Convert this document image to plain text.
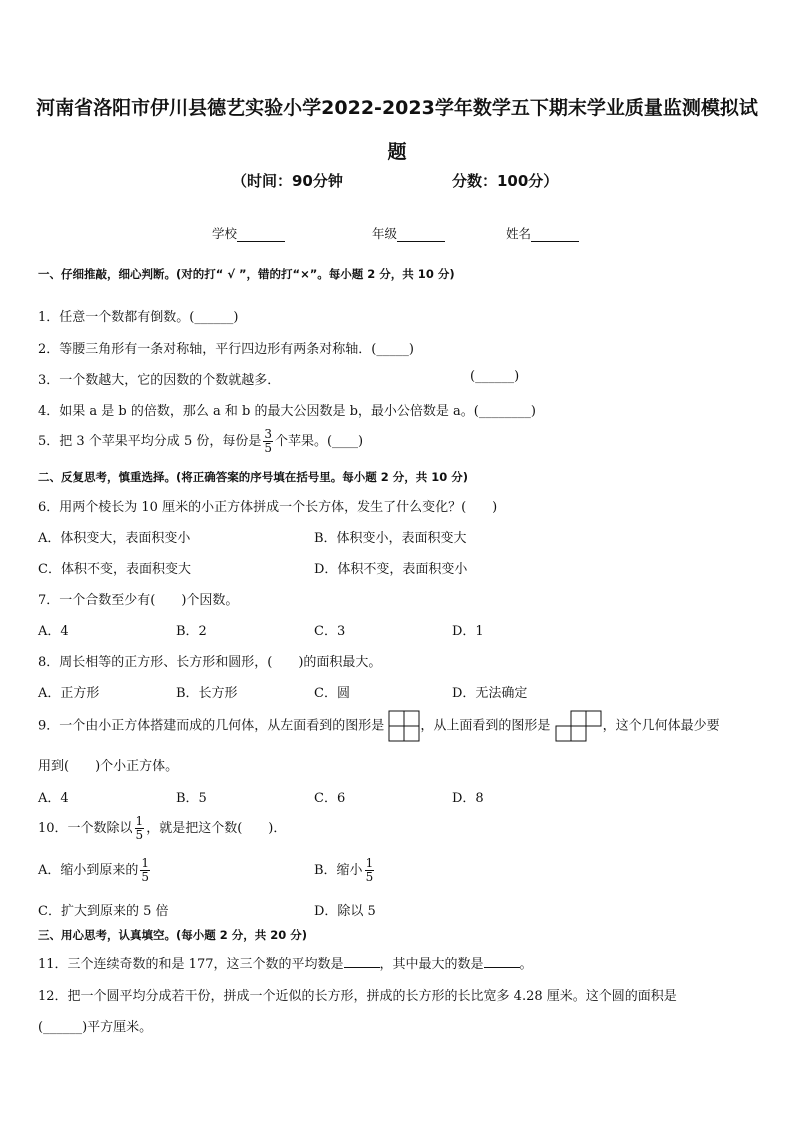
河南省洛阳市伊川县德艺实验小学2022-2023学年数学五下期末学业质量监测模拟试题
（时间：90分钟	分数：100分）
学校	年级	姓名
一、仔细推敲，细心判断。(对的打“ √ ”，错的打“×”。每小题 2 分，共 10 分)
1．任意一个数都有倒数。(______)
2．等腰三角形有一条对称轴，平行四边形有两条对称轴．(_____)
3．一个数越大，它的因数的个数就越多．	(______)
4．如果 a 是 b 的倍数，那么 a 和 b 的最大公因数是 b，最小公倍数是 a。(________)
5．把 3 个苹果平均分成 5 份，每份是 $\frac{3}{5}$ 个苹果。(____)
二、反复思考，慎重选择。(将正确答案的序号填在括号里。每小题 2 分，共 10 分)
6．用两个棱长为 10 厘米的小正方体拼成一个长方体，发生了什么变化？(　　)
A．体积变大，表面积变小	B．体积变小，表面积变大
C．体积不变，表面积变大	D．体积不变，表面积变小
7．一个合数至少有(　　)个因数。
A．4	B．2	C．3	D．1
8．周长相等的正方形、长方形和圆形，(　　)的面积最大。
A．正方形	B．长方形	C．圆	D．无法确定
9．一个由小正方体搭建而成的几何体，从左面看到的图形是	，从上面看到的图形是	，这个几何体最少要
用到(　　)个小正方体。
A．4	B．5	C．6	D．8
10．一个数除以 $\frac{1}{5}$ ，就是把这个数(　　)．
A．缩小到原来的 $\frac{1}{5}$	B．缩小 $\frac{1}{5}$
C．扩大到原来的 5 倍	D．除以 5
三、用心思考，认真填空。(每小题 2 分，共 20 分)
11．三个连续奇数的和是 177，这三个数的平均数是	，其中最大的数是	。
12．把一个圆平均分成若干份，拼成一个近似的长方形，拼成的长方形的长比宽多 4.28 厘米。这个圆的面积是
(______)平方厘米。
